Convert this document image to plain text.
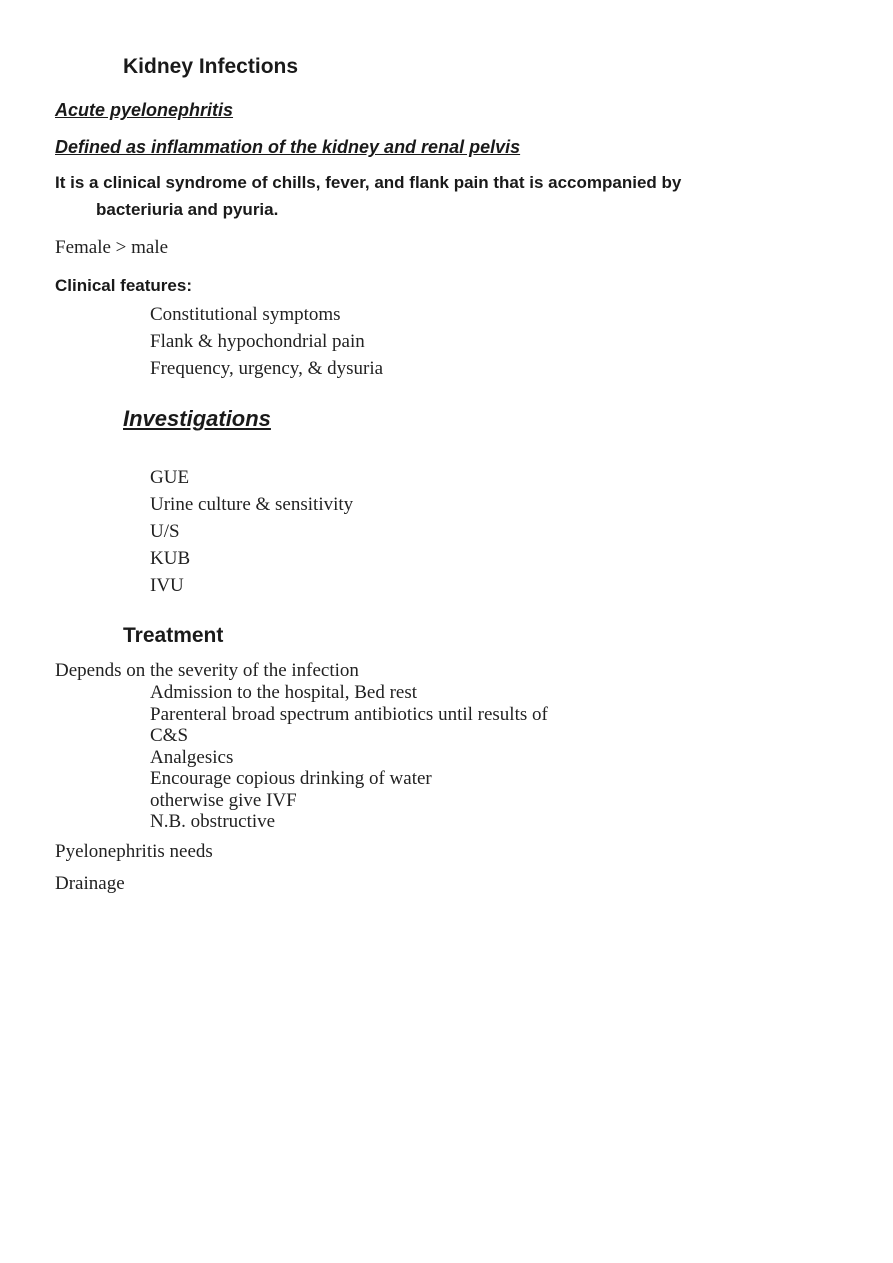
Kidney Infections

Acute pyelonephritis

Defined as inflammation of the kidney and renal pelvis

It is a clinical syndrome of chills, fever, and flank pain that is accompanied by

bacteriuria and pyuria.

Female > male

Clinical features:

Constitutional symptoms
Flank & hypochondrial pain
Frequency, urgency, & dysuria
Investigations
GUE
Urine culture & sensitivity
U/S
KUB
IVU
Treatment

Depends on the severity of the infection

Admission to the hospital, Bed rest
Parenteral broad spectrum antibiotics until results of
C&S
Analgesics
Encourage copious drinking of water
otherwise give IVF
N.B. obstructive

Pyelonephritis needs

Drainage
